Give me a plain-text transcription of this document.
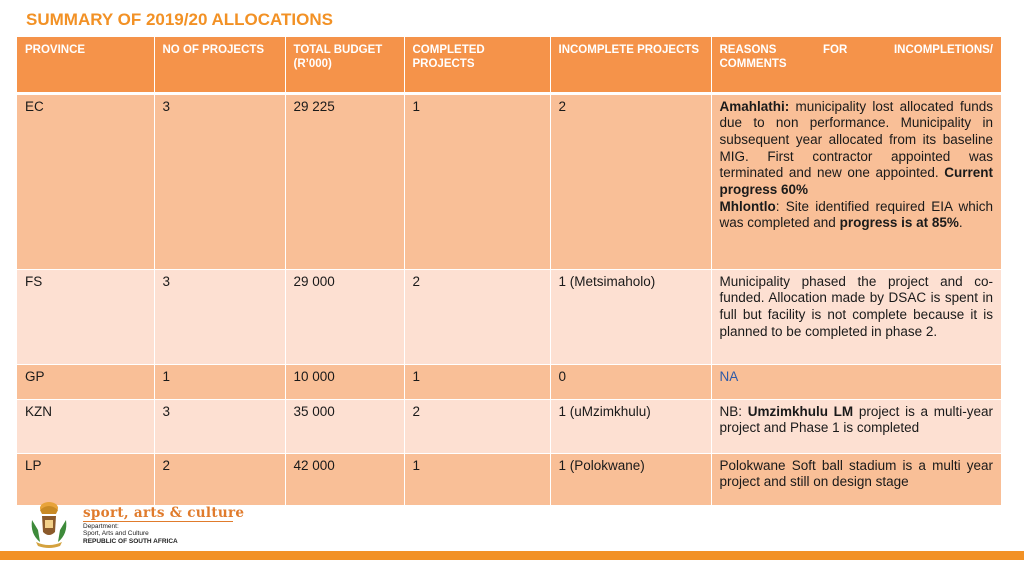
SUMMARY OF 2019/20 ALLOCATIONS
PROVINCE	NO OF PROJECTS	TOTAL BUDGET (R’000)	COMPLETED PROJECTS	INCOMPLETE PROJECTS	REASONS FOR INCOMPLETIONS/
COMMENTS

EC	3	29 225	1	2	Amahlathi: municipality lost allocated funds due to non performance. Municipality in subsequent year allocated from its baseline MIG. First contractor appointed was terminated and new one appointed. Current progress 60%
Mhlontlo: Site identified required EIA which was completed and progress is at 85%.
FS	3	29 000	2	1 (Metsimaholo)	Municipality phased the project and co-funded. Allocation made by DSAC is spent in full but facility is not complete because it is planned to be completed in phase 2.
GP	1	10 000	1	0	NA
KZN	3	35 000	2	1 (uMzimkhulu)	NB: Umzimkhulu LM project is a multi-year project and Phase 1 is completed
LP	2	42 000	1	1 (Polokwane)	Polokwane Soft ball stadium is a multi year project and still on design stage
sport, arts & culture
Department:
Sport, Arts and Culture
REPUBLIC OF SOUTH AFRICA
